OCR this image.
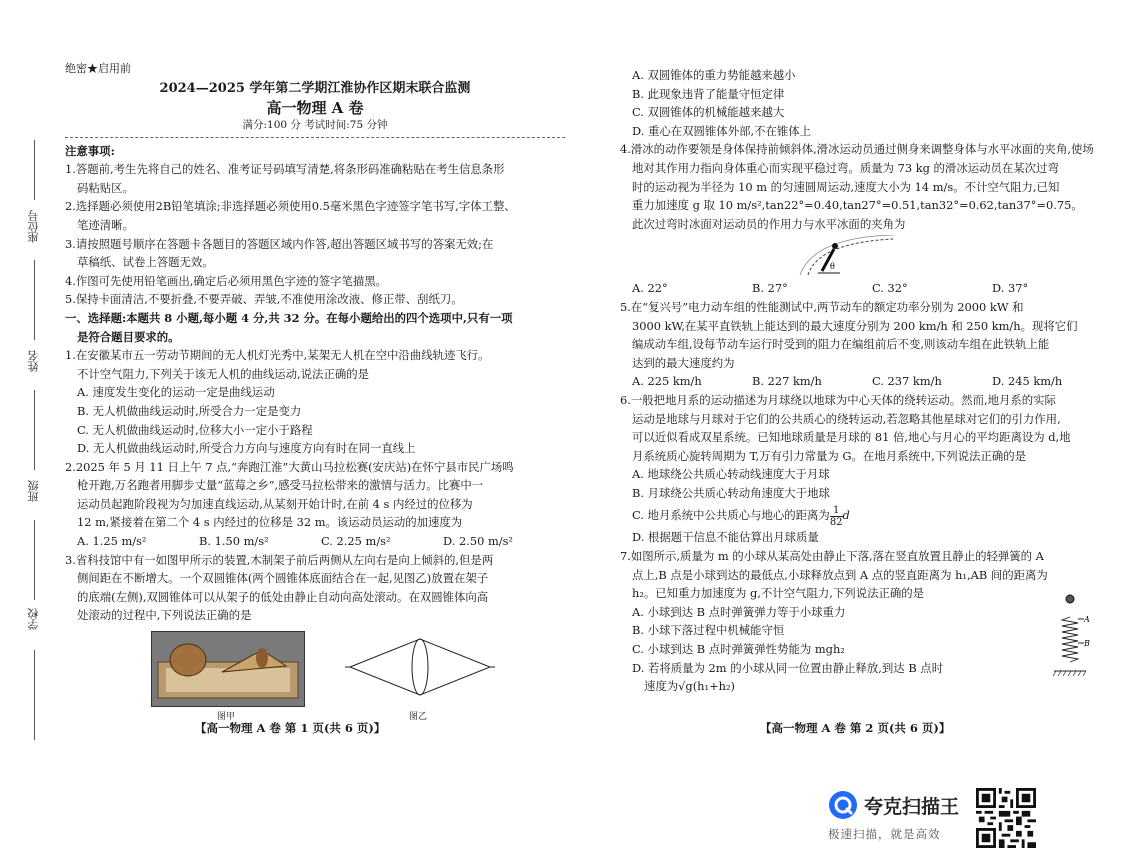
座位号
姓名
班级
学校

绝密★启用前

2024—2025 学年第二学期江淮协作区期末联合监测

高一物理 A 卷

满分:100 分 考试时间:75 分钟

注意事项:

1.答题前,考生先将自己的姓名、准考证号码填写清楚,将条形码准确粘贴在考生信息条形

码粘贴区。

2.选择题必须使用2B铅笔填涂;非选择题必须使用0.5毫米黑色字迹签字笔书写,字体工整、

笔迹清晰。

3.请按照题号顺序在答题卡各题目的答题区域内作答,超出答题区域书写的答案无效;在

草稿纸、试卷上答题无效。

4.作图可先使用铅笔画出,确定后必须用黑色字迹的签字笔描黑。

5.保持卡面清洁,不要折叠,不要弄破、弄皱,不准使用涂改液、修正带、刮纸刀。

一、选择题:本题共 8 小题,每小题 4 分,共 32 分。在每小题给出的四个选项中,只有一项

是符合题目要求的。

1.在安徽某市五一劳动节期间的无人机灯光秀中,某架无人机在空中沿曲线轨迹飞行。

不计空气阻力,下列关于该无人机的曲线运动,说法正确的是

A. 速度发生变化的运动一定是曲线运动

B. 无人机做曲线运动时,所受合力一定是变力

C. 无人机做曲线运动时,位移大小一定小于路程

D. 无人机做曲线运动时,所受合力方向与速度方向有时在同一直线上

2.2025 年 5 月 11 日上午 7 点,“奔跑江淮”大黄山马拉松赛(安庆站)在怀宁县市民广场鸣

枪开跑,万名跑者用脚步丈量“蓝莓之乡”,感受马拉松带来的激情与活力。比赛中一

运动员起跑阶段视为匀加速直线运动,从某刻开始计时,在前 4 s 内经过的位移为

12 m,紧接着在第二个 4 s 内经过的位移是 32 m。该运动员运动的加速度为

A. 1.25 m/s²	B. 1.50 m/s²	C. 2.25 m/s²	D. 2.50 m/s²

3.省科技馆中有一如图甲所示的装置,木制架子前后两侧从左向右是向上倾斜的,但是两

侧间距在不断增大。一个双圆锥体(两个圆锥体底面结合在一起,见图乙)放置在架子

的底端(左侧),双圆锥体可以从架子的低处由静止自动向高处滚动。在双圆锥体向高

处滚动的过程中,下列说法正确的是

图甲	图乙
【高一物理 A 卷 第 1 页(共 6 页)】

A. 双圆锥体的重力势能越来越小

B. 此现象违背了能量守恒定律

C. 双圆锥体的机械能越来越大

D. 重心在双圆锥体外部,不在锥体上

4.滑冰的动作要领是身体保持前倾斜体,滑冰运动员通过侧身来调整身体与水平冰面的夹角,使场

地对其作用力指向身体重心而实现平稳过弯。质量为 73 kg 的滑冰运动员在某次过弯

时的运动视为半径为 10 m 的匀速圆周运动,速度大小为 14 m/s。不计空气阻力,已知

重力加速度 g 取 10 m/s²,tan22°=0.40,tan27°=0.51,tan32°=0.62,tan37°=0.75。

此次过弯时冰面对运动员的作用力与水平冰面的夹角为

θ
A. 22°	B. 27°	C. 32°	D. 37°

5.在“复兴号”电力动车组的性能测试中,两节动车的额定功率分别为 2000 kW 和

3000 kW,在某平直铁轨上能达到的最大速度分别为 200 km/h 和 250 km/h。现将它们

编成动车组,设每节动车运行时受到的阻力在编组前后不变,则该动车组在此铁轨上能

达到的最大速度约为

A. 225 km/h	B. 227 km/h	C. 237 km/h	D. 245 km/h

6.一般把地月系的运动描述为月球绕以地球为中心天体的绕转运动。然而,地月系的实际

运动是地球与月球对于它们的公共质心的绕转运动,若忽略其他星球对它们的引力作用,

可以近似看成双星系统。已知地球质量是月球的 81 倍,地心与月心的平均距离设为 d,地

月系统质心旋转周期为 T,万有引力常量为 G。在地月系统中,下列说法正确的是

A. 地球绕公共质心转动线速度大于月球

B. 月球绕公共质心转动角速度大于地球

C. 地月系统中公共质心与地心的距离为 $\frac{1}{82}$ d

D. 根据题干信息不能估算出月球质量

7.如图所示,质量为 m 的小球从某高处由静止下落,落在竖直放置且静止的轻弹簧的 A

点上,B 点是小球到达的最低点,小球释放点到 A 点的竖直距离为 h₁,AB 间的距离为

h₂。已知重力加速度为 g,不计空气阻力,下列说法正确的是

A. 小球到达 B 点时弹簧弹力等于小球重力

B. 小球下落过程中机械能守恒

C. 小球到达 B 点时弹簧弹性势能为 mgh₂

D. 若将质量为 2m 的小球从同一位置由静止释放,到达 B 点时

速度为√g(h₁+h₂)

A
B
【高一物理 A 卷 第 2 页(共 6 页)】
夸克扫描王
极速扫描，就是高效
